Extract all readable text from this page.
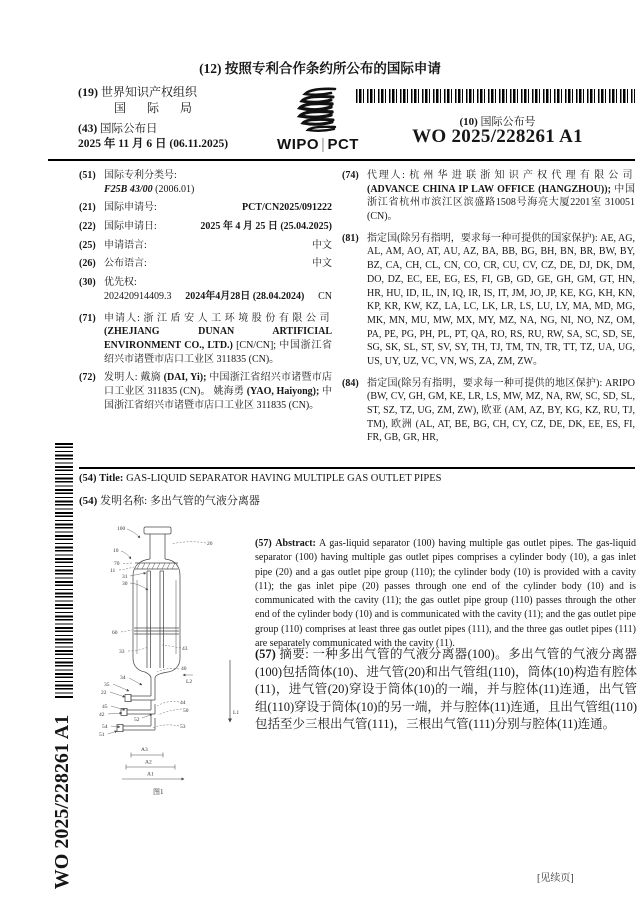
(12) 按照专利合作条约所公布的国际申请
(19) 世界知识产权组织
国 际 局
(43) 国际公布日
2025 年 11 月 6 日 (06.11.2025)	WIPO | PCT
(10) 国际公布号
WO 2025/228261 A1
(51) 国际专利分类号:
F25B 43/00 (2006.01)
(21) 国际申请号:	PCT/CN2025/091222
(22) 国际申请日:	2025 年 4 月 25 日 (25.04.2025)
(25) 申请语言:	中文
(26) 公布语言:	中文
(30) 优先权:
202420914409.3 2024年4月28日 (28.04.2024) CN
(71) 申请人: 浙江盾安人工环境股份有限公司 (ZHEJIANG DUNAN ARTIFICIAL ENVIRONMENT CO., LTD.) [CN/CN]; 中国浙江省绍兴市诸暨市店口工业区 311835 (CN)。
(72) 发明人: 戴旖 (DAI, Yi); 中国浙江省绍兴市诸暨市店口工业区 311835 (CN)。 姚海勇 (YAO, Haiyong); 中国浙江省绍兴市诸暨市店口工业区 311835 (CN)。
(74) 代理人: 杭州华进联浙知识产权代理有限公司 (ADVANCE CHINA IP LAW OFFICE (HANGZHOU)); 中国浙江省杭州市滨江区滨盛路1508号海亮大厦2201室 310051 (CN)。
(81) 指定国(除另有指明，要求每一种可提供的国家保护): AE, AG, AL, AM, AO, AT, AU, AZ, BA, BB, BG, BH, BN, BR, BW, BY, BZ, CA, CH, CL, CN, CO, CR, CU, CV, CZ, DE, DJ, DK, DM, DO, DZ, EC, EE, EG, ES, FI, GB, GD, GE, GH, GM, GT, HN, HR, HU, ID, IL, IN, IQ, IR, IS, IT, JM, JO, JP, KE, KG, KH, KN, KP, KR, KW, KZ, LA, LC, LK, LR, LS, LU, LY, MA, MD, MG, MK, MN, MU, MW, MX, MY, MZ, NA, NG, NI, NO, NZ, OM, PA, PE, PG, PH, PL, PT, QA, RO, RS, RU, RW, SA, SC, SD, SE, SG, SK, SL, ST, SV, SY, TH, TJ, TM, TN, TR, TT, TZ, UA, UG, US, UY, UZ, VC, VN, WS, ZA, ZM, ZW。
(84) 指定国(除另有指明，要求每一种可提供的地区保护): ARIPO (BW, CV, GH, GM, KE, LR, LS, MW, MZ, NA, RW, SC, SD, SL, ST, SZ, TZ, UG, ZM, ZW), 欧亚 (AM, AZ, BY, KG, KZ, RU, TJ, TM), 欧洲 (AL, AT, BE, BG, CH, CY, CZ, DE, DK, EE, ES, FI, FR, GB, GR, HR,
(54) Title: GAS-LIQUID SEPARATOR HAVING MULTIPLE GAS OUTLET PIPES
(54) 发明名称: 多出气管的气液分离器
100
20
10
70
11
31
30
60
33	43
34
35
22
40
L2
45
42
52
44
50
54
51
53
L1
A3
A2
A1
图1
(57) Abstract: A gas-liquid separator (100) having multiple gas outlet pipes. The gas-liquid separator (100) having multiple gas outlet pipes comprises a cylinder body (10), a gas inlet pipe (20) and a gas outlet pipe group (110); the cylinder body (10) is provided with a cavity (11); the gas inlet pipe (20) passes through one end of the cylinder body (10) and is communicated with the cavity (11); the gas outlet pipe group (110) passes through the other end of the cylinder body (10) and is communicated with the cavity (11); and the gas outlet pipe group (110) comprises at least three gas outlet pipes (111), and the three gas outlet pipes (111) are separately communicated with the cavity (11).
(57) 摘要: 一种多出气管的气液分离器(100)。多出气管的气液分离器(100)包括筒体(10)、进气管(20)和出气管组(110)，筒体(10)构造有腔体(11)，进气管(20)穿设于筒体(10)的一端，并与腔体(11)连通，出气管组(110)穿设于筒体(10)的另一端，并与腔体(11)连通，且出气管组(110)包括至少三根出气管(111)，三根出气管(111)分别与腔体(11)连通。
WO 2025/228261 A1	[见续页]
